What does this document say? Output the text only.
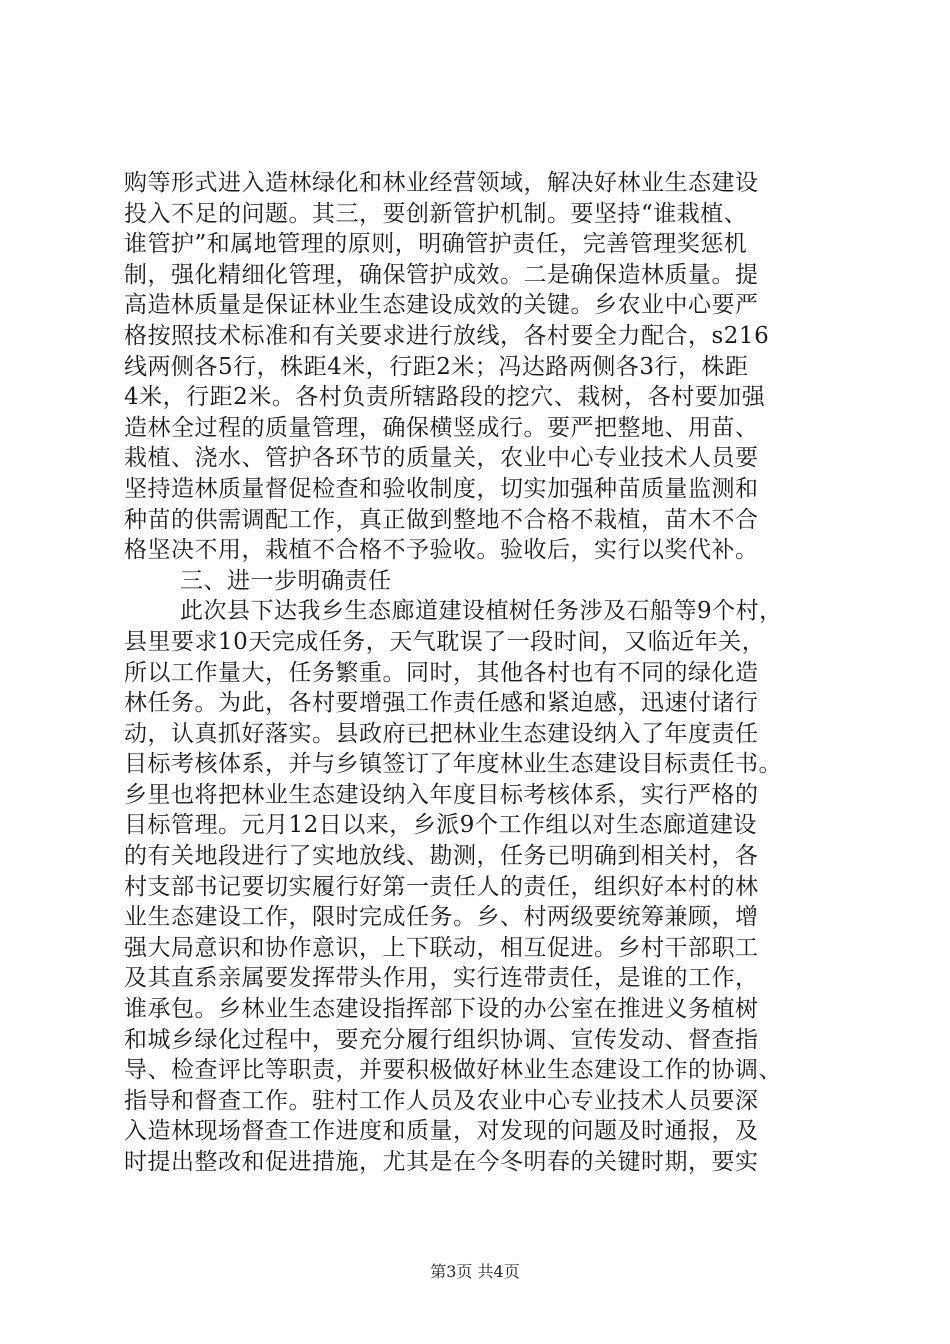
购等形式进入造林绿化和林业经营领域，解决好林业生态建设
投入不足的问题。其三，要创新管护机制。要坚持“谁栽植、
谁管护”和属地管理的原则，明确管护责任，完善管理奖惩机
制，强化精细化管理，确保管护成效。二是确保造林质量。提
高造林质量是保证林业生态建设成效的关键。乡农业中心要严
格按照技术标准和有关要求进行放线，各村要全力配合，s216
线两侧各5行，株距4米，行距2米；冯达路两侧各3行，株距
4米，行距2米。各村负责所辖路段的挖穴、栽树，各村要加强
造林全过程的质量管理，确保横竖成行。要严把整地、用苗、
栽植、浇水、管护各环节的质量关，农业中心专业技术人员要
坚持造林质量督促检查和验收制度，切实加强种苗质量监测和
种苗的供需调配工作，真正做到整地不合格不栽植，苗木不合
格坚决不用，栽植不合格不予验收。验收后，实行以奖代补。
三、进一步明确责任
此次县下达我乡生态廊道建设植树任务涉及石船等9个村，
县里要求10天完成任务，天气耽误了一段时间，又临近年关，
所以工作量大，任务繁重。同时，其他各村也有不同的绿化造
林任务。为此，各村要增强工作责任感和紧迫感，迅速付诸行
动，认真抓好落实。县政府已把林业生态建设纳入了年度责任
目标考核体系，并与乡镇签订了年度林业生态建设目标责任书。
乡里也将把林业生态建设纳入年度目标考核体系，实行严格的
目标管理。元月12日以来，乡派9个工作组以对生态廊道建设
的有关地段进行了实地放线、勘测，任务已明确到相关村，各
村支部书记要切实履行好第一责任人的责任，组织好本村的林
业生态建设工作，限时完成任务。乡、村两级要统筹兼顾，增
强大局意识和协作意识，上下联动，相互促进。乡村干部职工
及其直系亲属要发挥带头作用，实行连带责任，是谁的工作，
谁承包。乡林业生态建设指挥部下设的办公室在推进义务植树
和城乡绿化过程中，要充分履行组织协调、宣传发动、督查指
导、检查评比等职责，并要积极做好林业生态建设工作的协调、
指导和督查工作。驻村工作人员及农业中心专业技术人员要深
入造林现场督查工作进度和质量，对发现的问题及时通报，及
时提出整改和促进措施，尤其是在今冬明春的关键时期，要实
第3页 共4页
